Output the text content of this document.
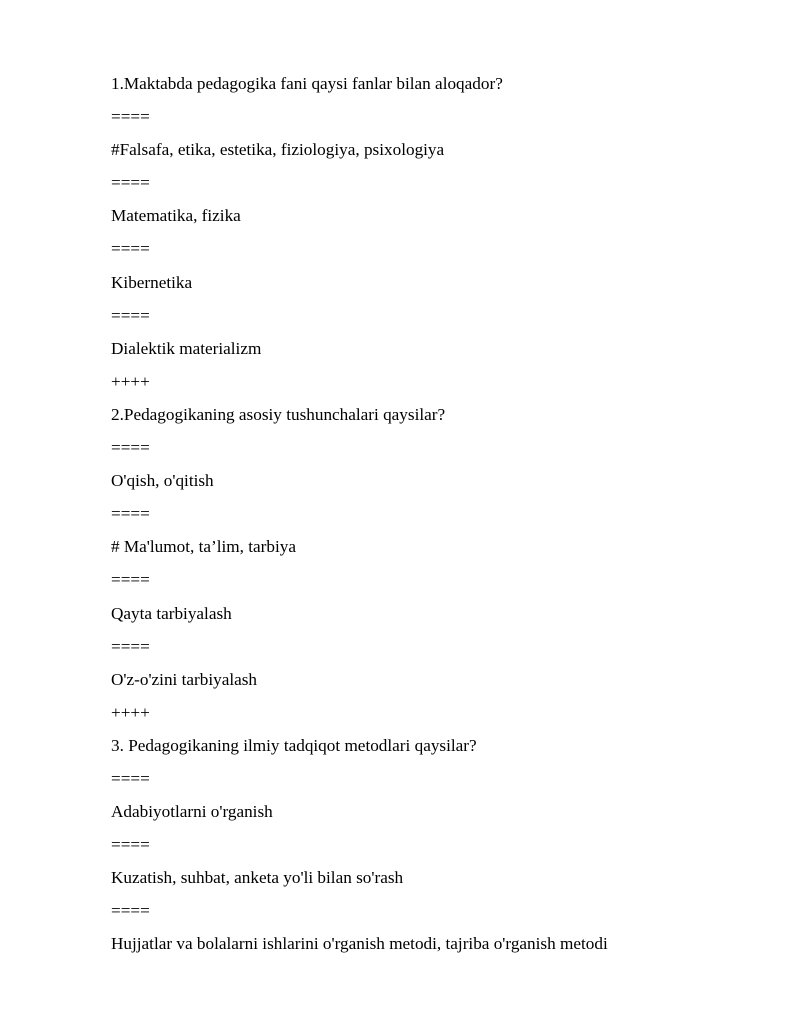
1.Maktabda pedagogika fani qaysi fanlar bilan aloqador?
====
#Falsafa, etika, estetika, fiziologiya, psixologiya
====
Matematika, fizika
====
Kibernetika
====
Dialektik materializm
++++
2.Pedagogikaning asosiy tushunchalari qaysilar?
====
O'qish, o'qitish
====
# Ma'lumot, ta’lim, tarbiya
====
Qayta tarbiyalash
====
O'z-o'zini tarbiyalash
++++
3. Pedagogikaning ilmiy tadqiqot metodlari qaysilar?
====
Adabiyotlarni o'rganish
====
Kuzatish, suhbat, anketa yo'li bilan so'rash
====
Hujjatlar va bolalarni ishlarini o'rganish metodi, tajriba o'rganish metodi
